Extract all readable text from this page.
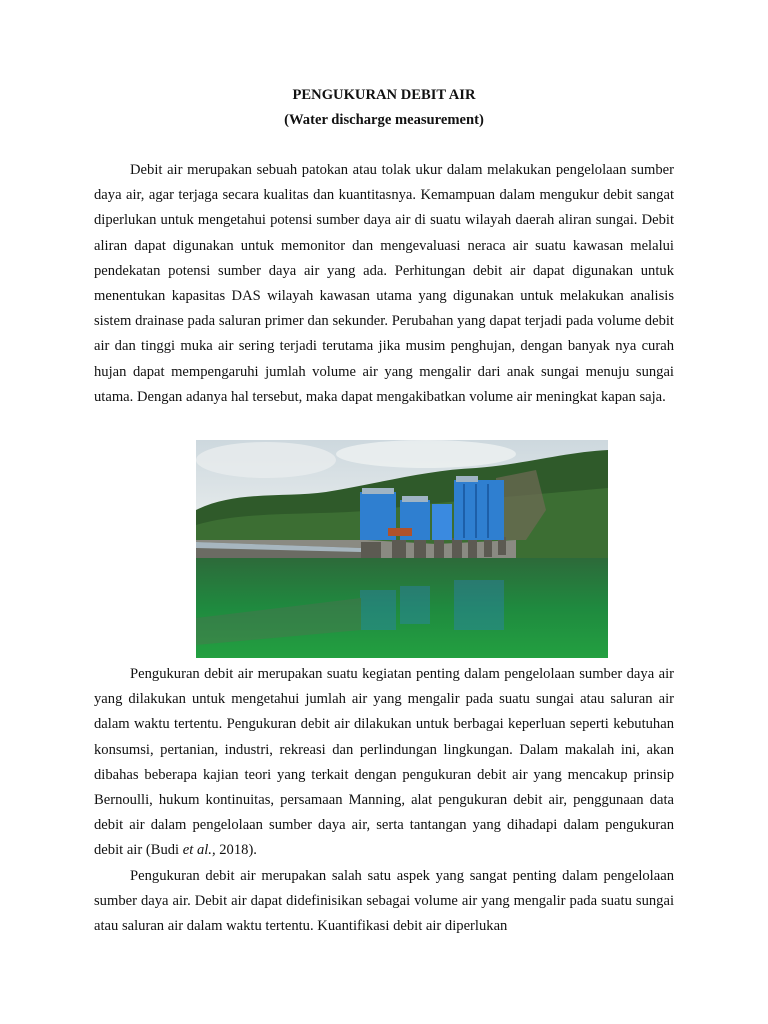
PENGUKURAN DEBIT AIR
(Water discharge measurement)

Debit air merupakan sebuah patokan atau tolak ukur dalam melakukan pengelolaan sumber daya air, agar terjaga secara kualitas dan kuantitasnya. Kemampuan dalam mengukur debit sangat diperlukan untuk mengetahui potensi sumber daya air di suatu wilayah daerah aliran sungai. Debit aliran dapat digunakan untuk memonitor dan mengevaluasi neraca air suatu kawasan melalui pendekatan potensi sumber daya air yang ada. Perhitungan debit air dapat digunakan untuk menentukan kapasitas DAS wilayah kawasan utama yang digunakan untuk melakukan analisis sistem drainase pada saluran primer dan sekunder. Perubahan yang dapat terjadi pada volume debit air dan tinggi muka air sering terjadi terutama jika musim penghujan, dengan banyak nya curah hujan dapat mempengaruhi jumlah volume air yang mengalir dari anak sungai menuju sungai utama. Dengan adanya hal tersebut, maka dapat mengakibatkan volume air meningkat kapan saja.

Pengukuran debit air merupakan suatu kegiatan penting dalam pengelolaan sumber daya air yang dilakukan untuk mengetahui jumlah air yang mengalir pada suatu sungai atau saluran air dalam waktu tertentu. Pengukuran debit air dilakukan untuk berbagai keperluan seperti kebutuhan konsumsi, pertanian, industri, rekreasi dan perlindungan lingkungan. Dalam makalah ini, akan dibahas beberapa kajian teori yang terkait dengan pengukuran debit air yang mencakup prinsip Bernoulli, hukum kontinuitas, persamaan Manning, alat pengukuran debit air, penggunaan data debit air dalam pengelolaan sumber daya air, serta tantangan yang dihadapi dalam pengukuran debit air (Budi et al., 2018).

Pengukuran debit air merupakan salah satu aspek yang sangat penting dalam pengelolaan sumber daya air. Debit air dapat didefinisikan sebagai volume air yang mengalir pada suatu sungai atau saluran air dalam waktu tertentu. Kuantifikasi debit air diperlukan
